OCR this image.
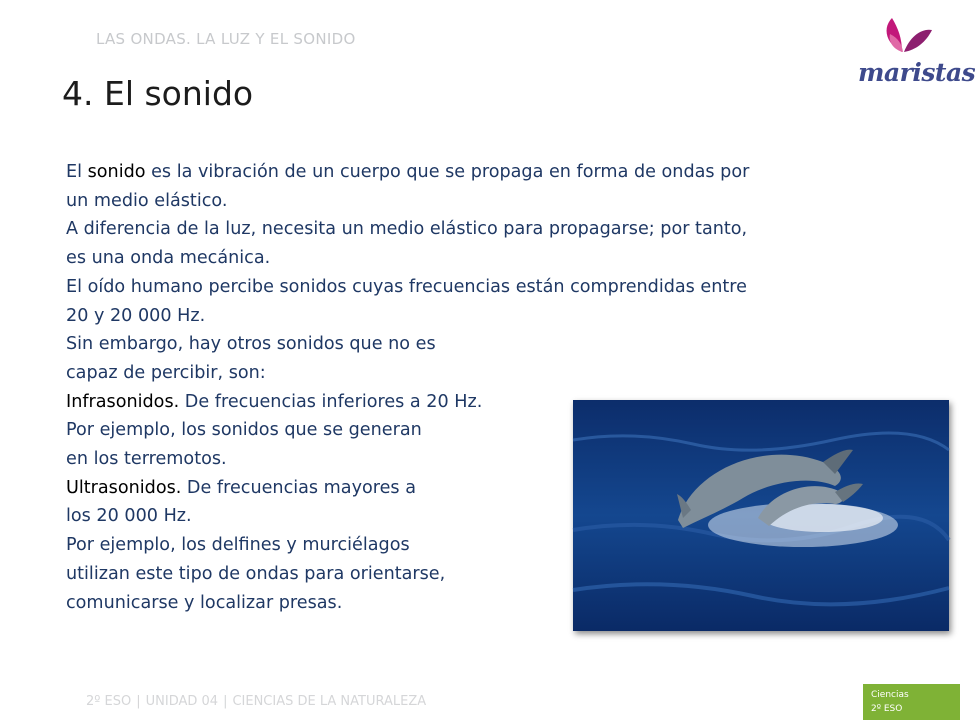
LAS ONDAS. LA LUZ Y EL SONIDO
maristas
4. El sonido
El sonido es la vibración de un cuerpo que se propaga en forma de ondas por
un medio elástico.
A diferencia de la luz, necesita un medio elástico para propagarse; por tanto,
es una onda mecánica.
El oído humano percibe sonidos cuyas frecuencias están comprendidas entre
20 y 20 000 Hz.
Sin embargo, hay otros sonidos que no es
capaz de percibir, son:
Infrasonidos. De frecuencias inferiores a 20 Hz.
Por ejemplo, los sonidos que se generan
en los terremotos.
Ultrasonidos. De frecuencias mayores a
los 20 000 Hz.
Por ejemplo, los delfines y murciélagos
utilizan este tipo de ondas para orientarse,
comunicarse y localizar presas.
2º ESO | UNIDAD 04 | CIENCIAS DE LA NATURALEZA	Ciencias
2º ESO
